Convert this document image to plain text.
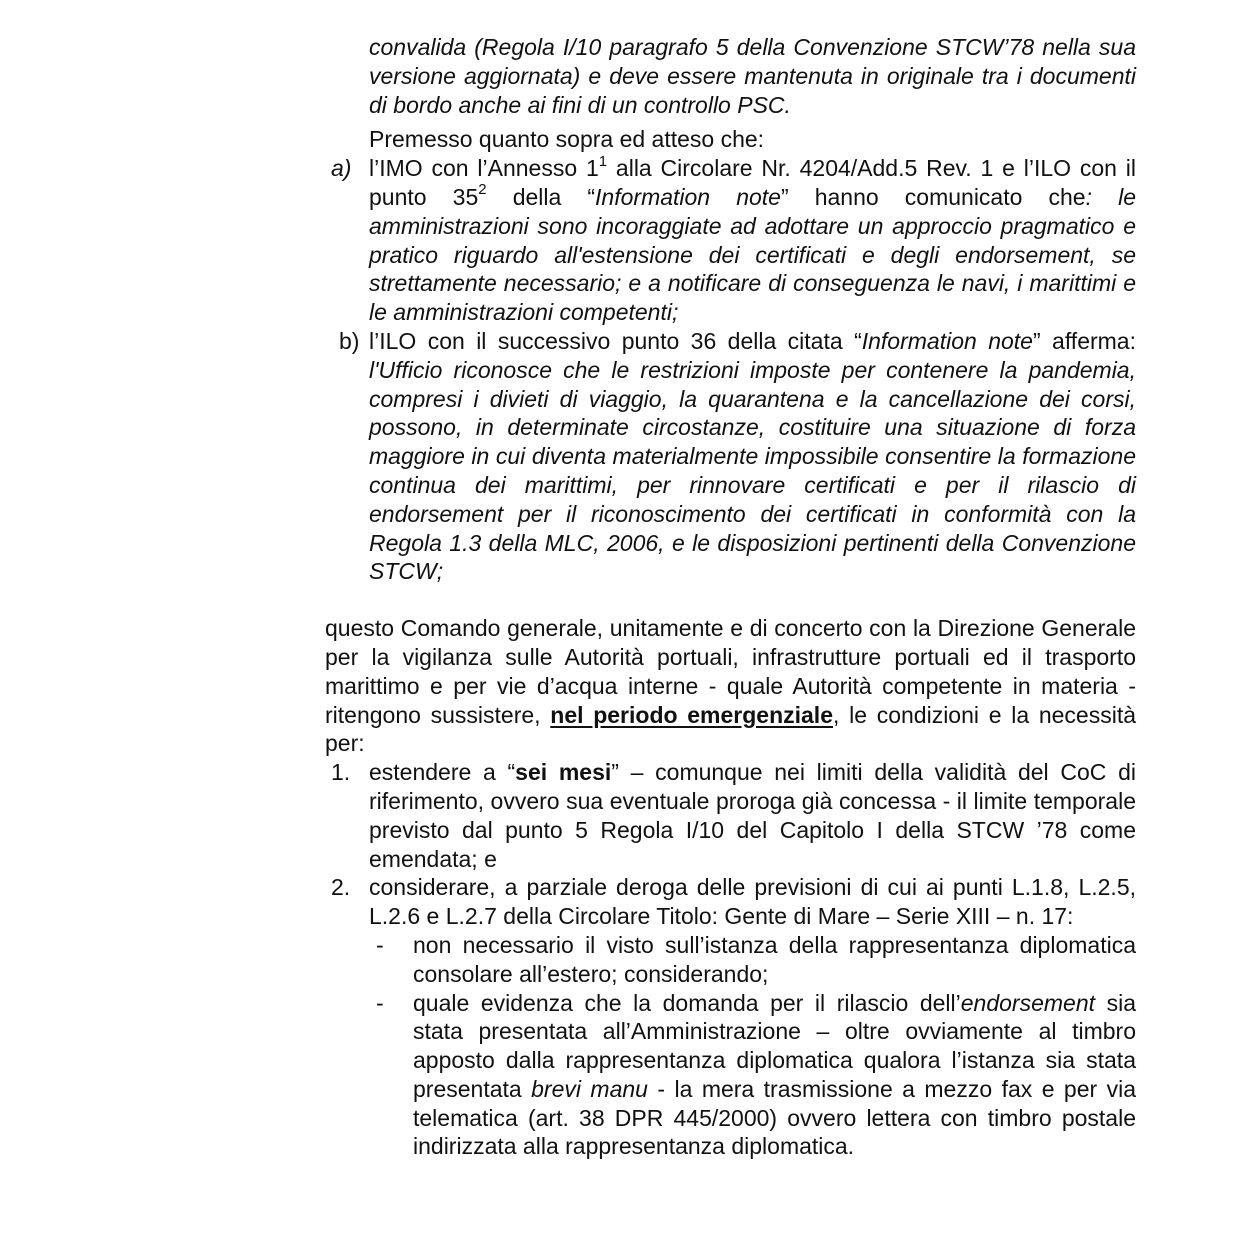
convalida (Regola I/10 paragrafo 5 della Convenzione STCW’78 nella sua versione aggiornata) e deve essere mantenuta in originale tra i documenti di bordo anche ai fini di un controllo PSC.

Premesso quanto sopra ed atteso che:

a) l’IMO con l’Annesso $1^1$ alla Circolare Nr. 4204/Add.5 Rev. 1 e l’ILO con il punto $35^2$ della “Information note” hanno comunicato che: le amministrazioni sono incoraggiate ad adottare un approccio pragmatico e pratico riguardo all'estensione dei certificati e degli endorsement, se strettamente necessario; e a notificare di conseguenza le navi, i marittimi e le amministrazioni competenti;
b) l’ILO con il successivo punto 36 della citata “Information note” afferma: l'Ufficio riconosce che le restrizioni imposte per contenere la pandemia, compresi i divieti di viaggio, la quarantena e la cancellazione dei corsi, possono, in determinate circostanze, costituire una situazione di forza maggiore in cui diventa materialmente impossibile consentire la formazione continua dei marittimi, per rinnovare certificati e per il rilascio di endorsement per il riconoscimento dei certificati in conformità con la Regola 1.3 della MLC, 2006, e le disposizioni pertinenti della Convenzione STCW;

questo Comando generale, unitamente e di concerto con la Direzione Generale per la vigilanza sulle Autorità portuali, infrastrutture portuali ed il trasporto marittimo e per vie d’acqua interne - quale Autorità competente in materia - ritengono sussistere, nel periodo emergenziale, le condizioni e la necessità per:

1. estendere a “sei mesi” – comunque nei limiti della validità del CoC di riferimento, ovvero sua eventuale proroga già concessa - il limite temporale previsto dal punto 5 Regola I/10 del Capitolo I della STCW ’78 come emendata; e
2. considerare, a parziale deroga delle previsioni di cui ai punti L.1.8, L.2.5, L.2.6 e L.2.7 della Circolare Titolo: Gente di Mare – Serie XIII – n. 17:
- non necessario il visto sull’istanza della rappresentanza diplomatica consolare all’estero; considerando;
- quale evidenza che la domanda per il rilascio dell’endorsement sia stata presentata all’Amministrazione – oltre ovviamente al timbro apposto dalla rappresentanza diplomatica qualora l’istanza sia stata presentata brevi manu - la mera trasmissione a mezzo fax e per via telematica (art. 38 DPR 445/2000) ovvero lettera con timbro postale indirizzata alla rappresentanza diplomatica.
